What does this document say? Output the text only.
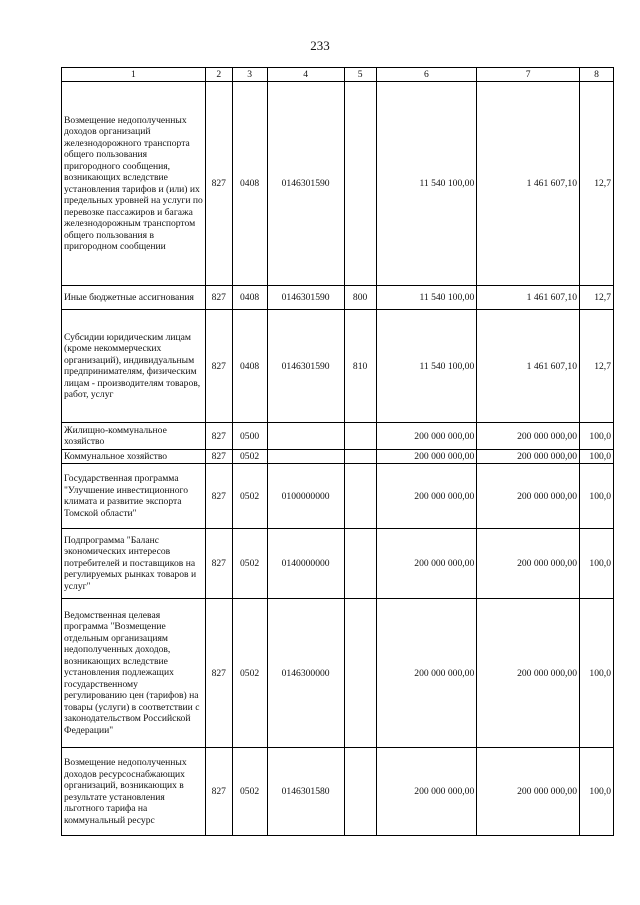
233
1	2	3	4	5	6	7	8
Возмещение недополученных доходов организаций железнодорожного транспорта общего пользования пригородного сообщения, возникающих вследствие установления тарифов и (или) их предельных уровней на услуги по перевозке пассажиров и багажа железнодорожным транспортом общего пользования в пригородном сообщении	827	0408	0146301590		11 540 100,00	1 461 607,10	12,7
Иные бюджетные ассигнования	827	0408	0146301590	800	11 540 100,00	1 461 607,10	12,7
Субсидии юридическим лицам (кроме некоммерческих организаций), индивидуальным предпринимателям, физическим лицам - производителям товаров, работ, услуг	827	0408	0146301590	810	11 540 100,00	1 461 607,10	12,7
Жилищно-коммунальное хозяйство	827	0500			200 000 000,00	200 000 000,00	100,0
Коммунальное хозяйство	827	0502			200 000 000,00	200 000 000,00	100,0
Государственная программа "Улучшение инвестиционного климата и развитие экспорта Томской области"	827	0502	0100000000		200 000 000,00	200 000 000,00	100,0
Подпрограмма "Баланс экономических интересов потребителей и поставщиков на регулируемых рынках товаров и услуг"	827	0502	0140000000		200 000 000,00	200 000 000,00	100,0
Ведомственная целевая программа "Возмещение отдельным организациям недополученных доходов, возникающих вследствие установления подлежащих государственному регулированию цен (тарифов) на товары (услуги) в соответствии с законодательством Российской Федерации"	827	0502	0146300000		200 000 000,00	200 000 000,00	100,0
Возмещение недополученных доходов ресурсоснабжающих организаций, возникающих в результате установления льготного тарифа на коммунальный ресурс	827	0502	0146301580		200 000 000,00	200 000 000,00	100,0
